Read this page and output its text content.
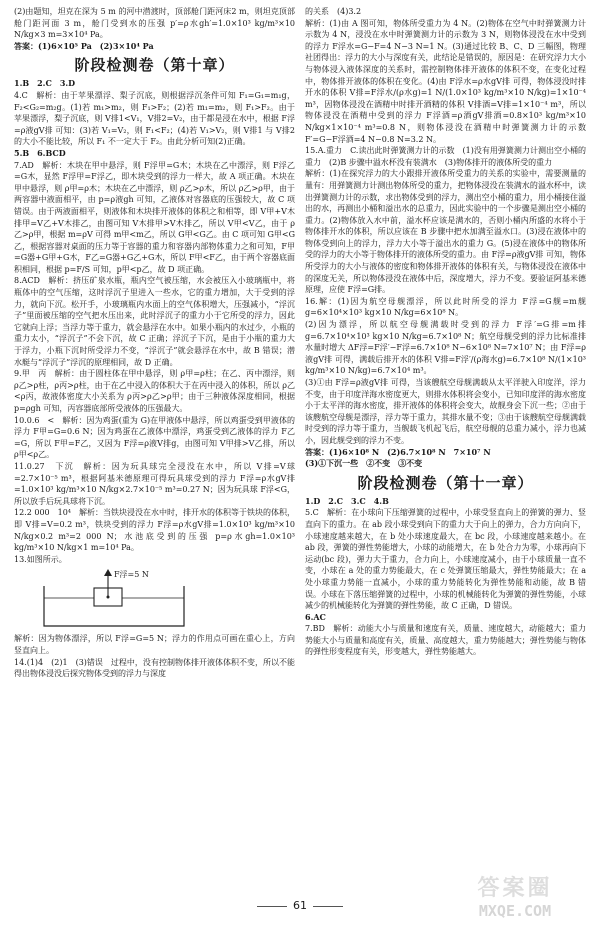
(2)由题知，坦克在深为 5 m 的河中潜渡时，顶部舱门距河床2 m，则坦克顶部舱门距河面 3 m，舱门受到水的压强 p′=ρ水gh′=1.0×10³ kg/m³×10 N/kg×3 m=3×10⁴ Pa。

答案：(1)6×10⁵ Pa　(2)3×10⁴ Pa

阶段检测卷（第十章）

1.B　2.C　3.D

4.C　解析：由于苹果漂浮、梨子沉底，则根据浮沉条件可知 F₁=G₁=m₁g，F₂<G₂=m₂g。(1)若 m₁>m₂，则 F₁>F₂；(2)若 m₁=m₂，则 F₁>F₂。由于苹果漂浮，梨子沉底，则 V排1<V₁，V排2=V₂，由于都是浸在水中，根据 F浮=ρ液gV排 可知：(3)若 V₁=V₂，则 F₁<F₂；(4)若 V₁>V₂，则 V排1 与 V排2 的大小不能比较，所以 F₁ 不一定大于 F₂。由此分析可知(2)正确。

5.B　6.BCD

7.AD　解析：木块在甲中悬浮，则 F浮甲=G木；木块在乙中漂浮，则 F浮乙=G木，显然 F浮甲=F浮乙，即木块受到的浮力一样大，故 A 项正确。木块在甲中悬浮，则 ρ甲=ρ木；木块在乙中漂浮，则 ρ乙>ρ木，所以 ρ乙>ρ甲，由于两容器中液面相平，由 p=ρ液gh 可知，乙液体对容器底的压强较大，故 C 项错误。由于两液面相平，则液体和木块排开液体的体积之和相等，即 V甲+V木排甲=V乙+V木排乙，由图可知 V木排甲>V木排乙，所以 V甲<V乙，由于 ρ乙>ρ甲，根据 m=ρV 可得 m甲<m乙，所以 G甲<G乙。由 C 项可知 G甲<G乙，根据容器对桌面的压力等于容器的重力和容器内部物体重力之和可知，F甲=G器+G甲+G木，F乙=G器+G乙+G木，所以 F甲<F乙，由于两个容器底面积相同，根据 p=F/S 可知，p甲<p乙，故 D 项正确。

8.ACD　解析：挤压矿泉水瓶，瓶内空气被压缩，水会被压入小玻璃瓶中，将瓶体中的空气压缩，这时浮沉子里进入一些水，它的重力增加，大于受到的浮力，就向下沉。松开手，小玻璃瓶内水面上的空气体积增大，压强减小，“浮沉子”里面被压缩的空气把水压出来，此时浮沉子的重力小于它所受的浮力，因此它就向上浮；当浮力等于重力，就会悬浮在水中。如果小瓶内的水过少，小瓶的重力太小，“浮沉子”不会下沉，故 C 正确；浮沉子下沉，是由于小瓶的重力大于浮力，小瓶下沉时所受浮力不变，“浮沉子”就会悬浮在水中，故 B 错误；潜水艇与“浮沉子”浮沉的原理相同，故 D 正确。

9.甲　丙　解析：由于圆柱体在甲中悬浮，则 ρ甲=ρ柱；在乙、丙中漂浮，则 ρ乙>ρ柱，ρ丙>ρ柱，由于在乙中浸入的体积大于在丙中浸入的体积，所以 ρ乙<ρ丙，故液体密度大小关系为 ρ丙>ρ乙>ρ甲；由于三种液体深度相同，根据 p=ρgh 可知，丙容器底部所受液体的压强最大。

10.0.6　<　解析：因为鸡蛋(重为 G)在甲液体中悬浮，所以鸡蛋受到甲液体的浮力 F甲=G=0.6 N；因为鸡蛋在乙液体中漂浮，鸡蛋受到乙液体的浮力 F乙=G，所以 F甲=F乙，又因为 F浮=ρ液V排g，由图可知 V甲排>V乙排，所以 ρ甲<ρ乙。

11.0.27　下沉　解析：因为玩具球完全浸没在水中，所以 V排=V球=2.7×10⁻⁵ m³，根据阿基米德原理可得玩具球受到的浮力 F浮=ρ水gV排=1.0×10³ kg/m³×10 N/kg×2.7×10⁻⁵ m³=0.27 N；因为玩具球 F浮<G，所以放手后玩具球将下沉。

12.2 000　10⁴　解析：当铁块浸没在水中时，排开水的体积等于铁块的体积，即 V排=V=0.2 m³，铁块受到的浮力 F浮=ρ水gV排=1.0×10³ kg/m³×10 N/kg×0.2 m³=2 000 N；水池底受到的压强 p=ρ水gh=1.0×10³ kg/m³×10 N/kg×1 m=10⁴ Pa。

13.如图所示。

F浮=5 N

解析：因为物体漂浮，所以 F浮=G=5 N；浮力的作用点可画在重心上，方向竖直向上。

14.(1)4　(2)1　(3)错误　过程中，没有控制物体排开液体体积不变，所以不能得出物体浸没后探究物体受到的浮力与深度

的关系　(4)3.2

解析：(1)由 A 图可知，物体所受重力为 4 N。(2)物体在空气中时弹簧测力计示数为 4 N，浸没在水中时弹簧测力计的示数为 3 N，则物体浸没在水中受到的浮力 F浮水=G−F=4 N−3 N=1 N。(3)通过比较 B、C、D 三幅图，物理社团得出：浮力的大小与深度有关，此结论是错误的，原因是：在研究浮力大小与物体浸入液体深度的关系时，需控制物体排开液体的体积不变，在变化过程中，物体排开液体的体积在变化。(4)由 F浮水=ρ水gV排 可得，物体浸没时排开水的体积 V排=F浮水/(ρ水g)=1 N/(1.0×10³ kg/m³×10 N/kg)=1×10⁻⁴ m³，因物体浸没在酒精中时排开酒精的体积 V排酒=V排=1×10⁻⁴ m³，所以物体浸没在酒精中受到的浮力 F浮酒=ρ酒gV排酒=0.8×10³ kg/m³×10 N/kg×1×10⁻⁴ m³=0.8 N，则物体浸没在酒精中时弹簧测力计的示数 F′=G−F浮酒=4 N−0.8 N=3.2 N。

15.A.重力　C.读出此时弹簧测力计的示数　(1)没有用弹簧测力计测出空小桶的重力　(2)B 步骤中溢水杯没有装满水　(3)物体排开的液体所受的重力

解析：(1)在探究浮力的大小跟排开液体所受重力的关系的实验中，需要测量的量有：用弹簧测力计测出物体所受的重力，把物体浸没在装满水的溢水杯中，读出弹簧测力计的示数，求出物体受到的浮力，测出空小桶的重力，用小桶接住溢出的水，再测出小桶和溢出水的总重力，因此实验中的一个步骤是测出空小桶的重力。(2)物体放入水中前，溢水杯应该是满水的，否则小桶内所盛的水将小于物体排开水的体积，所以应该在 B 步骤中把水加满至溢水口。(3)浸在液体中的物体受到向上的浮力，浮力大小等于溢出水的重力 G。(5)浸在液体中的物体所受的浮力的大小等于物体排开的液体所受的重力。由 F浮=ρ液gV排 可知，物体所受浮力的大小与液体的密度和物体排开液体的体积有关，与物体浸没在液体中的深度无关，所以物体浸没在液体中后，深度增大，浮力不变。要验证阿基米德原理，应使 F浮=G排。

16.解：(1)因为航空母舰漂浮，所以此时所受的浮力 F浮=G舰=m舰g=6×10⁴×10³ kg×10 N/kg=6×10⁸ N。

(2)因为漂浮，所以航空母舰满载时受到的浮力 F浮′=G排=m排g=6.7×10⁴×10³ kg×10 N/kg=6.7×10⁸ N；航空母舰受到的浮力比标准排水量时增大 ΔF浮=F浮′−F浮=6.7×10⁸ N−6×10⁸ N=7×10⁷ N；由 F浮=ρ液gV排 可得，满载后排开水的体积 V排=F浮′/(ρ海水g)=6.7×10⁸ N/(1×10³ kg/m³×10 N/kg)=6.7×10⁴ m³。

(3)①由 F浮=ρ液gV排 可得，当该艘航空母舰满载从太平洋驶入印度洋，浮力不变，由于印度洋海水密度更大，则排水体积将会变小，已知印度洋的海水密度小于太平洋的海水密度，排开液体的体积将会变大，故舰身会下沉一些；②由于该艘航空母舰是漂浮，浮力等于重力，其排水量不变；③由于该艘航空母舰满载时受到的浮力等于重力，当舰载飞机起飞后，航空母舰的总重力减小，浮力也减小，因此舰受到的浮力不变。

答案：(1)6×10⁸ N　(2)6.7×10⁸ N　7×10⁷ N

(3)①下沉一些　②不变　③不变

阶段检测卷（第十一章）

1.D　2.C　3.C　4.B

5.C　解析：在小球向下压缩弹簧的过程中，小球受竖直向上的弹簧的弹力、竖直向下的重力。在 ab 段小球受到向下的重力大于向上的弹力，合力方向向下，小球速度越来越大，在 b 处小球速度最大，在 bc 段，小球速度越来越小。在 ab 段，弹簧的弹性势能增大，小球的动能增大，在 b 处合力为零，小球再向下运动(bc 段)，弹力大于重力，合力向上，小球速度减小，由于小球质量一直不变，小球在 a 处的重力势能最大，在 c 处弹簧压缩最大，弹性势能最大；在 a 处小球重力势能一直减小，小球的重力势能转化为弹性势能和动能，故 B 错误。小球在下落压缩弹簧的过程中，小球的机械能转化为弹簧的弹性势能，小球减少的机械能转化为弹簧的弹性势能，故 C 正确，D 错误。

6.AC

7.BD　解析：动能大小与质量和速度有关，质量、速度越大，动能越大；重力势能大小与质量和高度有关，质量、高度越大，重力势能越大；弹性势能与物体的弹性形变程度有关，形变越大，弹性势能越大。

61
答案圈
MXQE.COM
